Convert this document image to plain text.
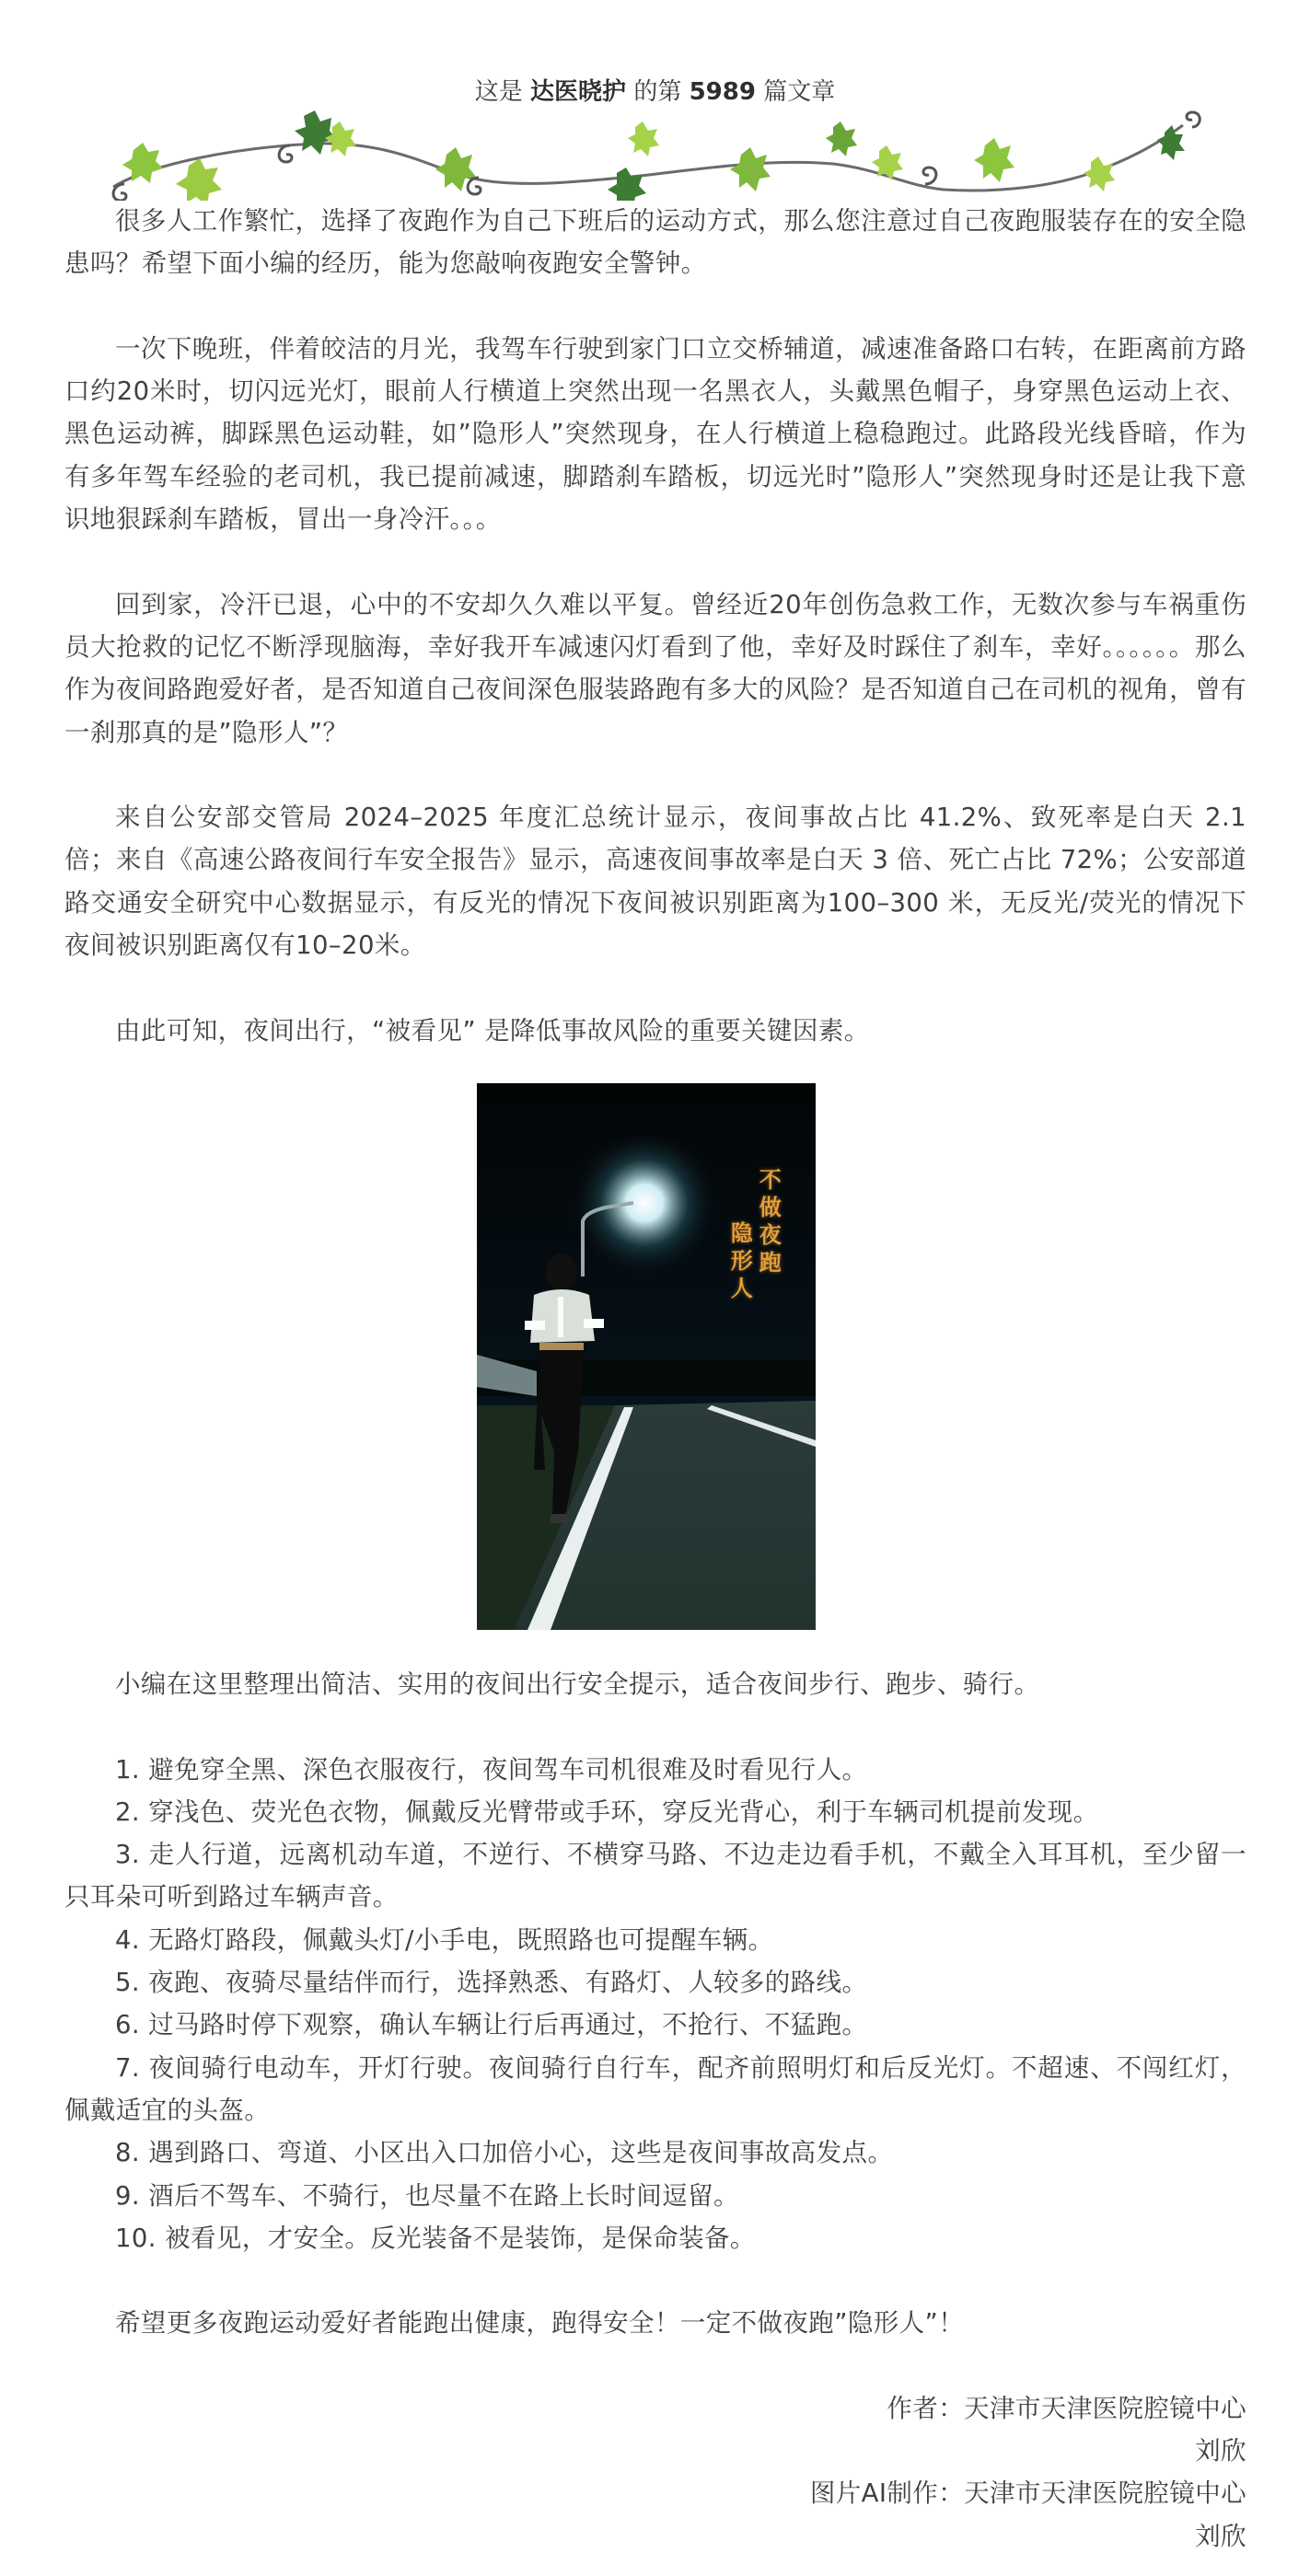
这是 达医晓护 的第 5989 篇文章

很多人工作繁忙，选择了夜跑作为自己下班后的运动方式，那么您注意过自己夜跑服装存在的安全隐患吗？希望下面小编的经历，能为您敲响夜跑安全警钟。

一次下晚班，伴着皎洁的月光，我驾车行驶到家门口立交桥辅道，减速准备路口右转，在距离前方路口约20米时，切闪远光灯，眼前人行横道上突然出现一名黑衣人，头戴黑色帽子，身穿黑色运动上衣、黑色运动裤，脚踩黑色运动鞋，如”隐形人”突然现身，在人行横道上稳稳跑过。此路段光线昏暗，作为有多年驾车经验的老司机，我已提前减速，脚踏刹车踏板，切远光时”隐形人”突然现身时还是让我下意识地狠踩刹车踏板，冒出一身冷汗。。。

回到家，冷汗已退，心中的不安却久久难以平复。曾经近20年创伤急救工作，无数次参与车祸重伤员大抢救的记忆不断浮现脑海，幸好我开车减速闪灯看到了他，幸好及时踩住了刹车，幸好。。。。。。那么作为夜间路跑爱好者，是否知道自己夜间深色服装路跑有多大的风险？是否知道自己在司机的视角，曾有一刹那真的是”隐形人”？

来自公安部交管局 2024–2025 年度汇总统计显示，夜间事故占比 41.2%、致死率是白天 2.1 倍；来自《高速公路夜间行车安全报告》显示，高速夜间事故率是白天 3 倍、死亡占比 72%；公安部道路交通安全研究中心数据显示，有反光的情况下夜间被识别距离为100–300 米，无反光/荧光的情况下夜间被识别距离仅有10–20米。

由此可知，夜间出行，“被看见” 是降低事故风险的重要关键因素。

不
做
夜
跑
隐
形
人

小编在这里整理出简洁、实用的夜间出行安全提示，适合夜间步行、跑步、骑行。

1. 避免穿全黑、深色衣服夜行，夜间驾车司机很难及时看见行人。

2. 穿浅色、荧光色衣物，佩戴反光臂带或手环，穿反光背心，利于车辆司机提前发现。

3. 走人行道，远离机动车道，不逆行、不横穿马路、不边走边看手机，不戴全入耳耳机，至少留一只耳朵可听到路过车辆声音。

4. 无路灯路段，佩戴头灯/小手电，既照路也可提醒车辆。

5. 夜跑、夜骑尽量结伴而行，选择熟悉、有路灯、人较多的路线。

6. 过马路时停下观察，确认车辆让行后再通过，不抢行、不猛跑。

7. 夜间骑行电动车，开灯行驶。夜间骑行自行车，配齐前照明灯和后反光灯。不超速、不闯红灯，佩戴适宜的头盔。

8. 遇到路口、弯道、小区出入口加倍小心，这些是夜间事故高发点。

9. 酒后不驾车、不骑行，也尽量不在路上长时间逗留。

10. 被看见，才安全。反光装备不是装饰，是保命装备。

希望更多夜跑运动爱好者能跑出健康，跑得安全！一定不做夜跑”隐形人”！

作者：天津市天津医院腔镜中心
刘欣
图片AI制作：天津市天津医院腔镜中心
刘欣
